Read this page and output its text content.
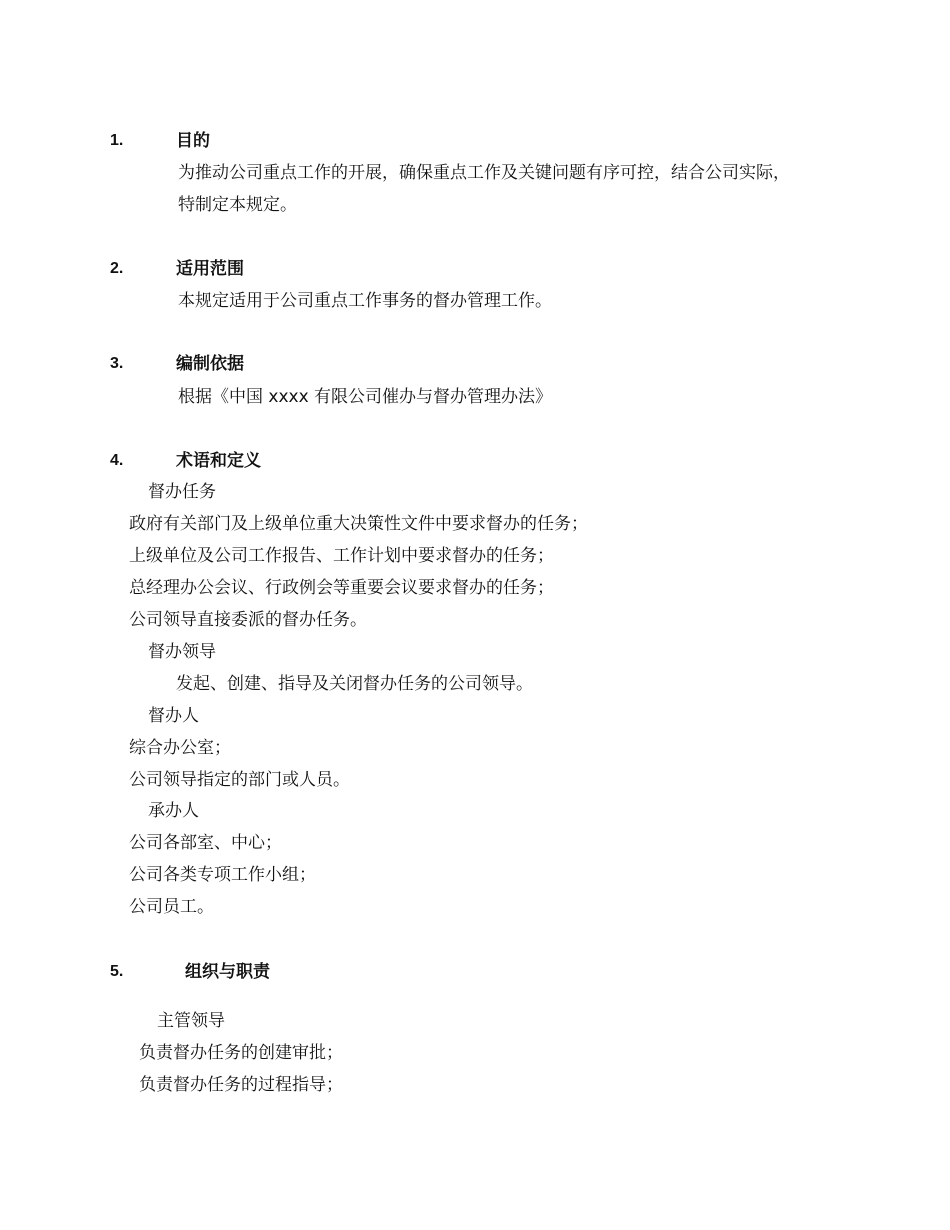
1.	目的
为推动公司重点工作的开展，确保重点工作及关键问题有序可控，结合公司实际，
特制定本规定。
2.	适用范围
本规定适用于公司重点工作事务的督办管理工作。
3.	编制依据
根据《中国 xxxx 有限公司催办与督办管理办法》
4.	术语和定义
督办任务
政府有关部门及上级单位重大决策性文件中要求督办的任务；
上级单位及公司工作报告、工作计划中要求督办的任务；
总经理办公会议、行政例会等重要会议要求督办的任务；
公司领导直接委派的督办任务。
督办领导
发起、创建、指导及关闭督办任务的公司领导。
督办人
综合办公室；
公司领导指定的部门或人员。
承办人
公司各部室、中心；
公司各类专项工作小组；
公司员工。
5.	组织与职责
主管领导
负责督办任务的创建审批；
负责督办任务的过程指导；
